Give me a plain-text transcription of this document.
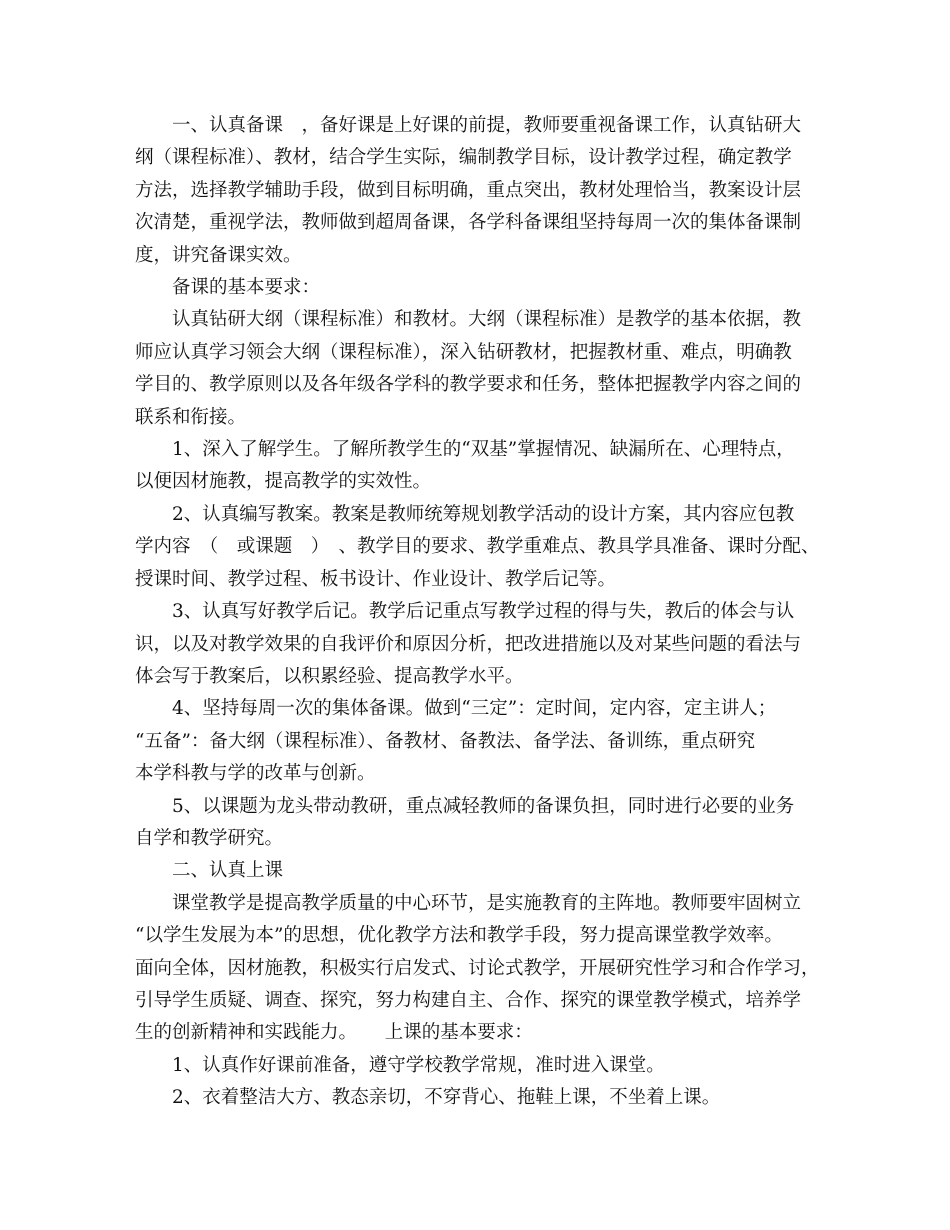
　　一、认真备课　，备好课是上好课的前提，教师要重视备课工作，认真钻研大
纲（课程标准）、教材，结合学生实际，编制教学目标，设计教学过程，确定教学
方法，选择教学辅助手段，做到目标明确，重点突出，教材处理恰当，教案设计层
次清楚，重视学法，教师做到超周备课，各学科备课组坚持每周一次的集体备课制
度，讲究备课实效。
　　备课的基本要求：
　　认真钻研大纲（课程标准）和教材。大纲（课程标准）是教学的基本依据，教
师应认真学习领会大纲（课程标准），深入钻研教材，把握教材重、难点，明确教
学目的、教学原则以及各年级各学科的教学要求和任务，整体把握教学内容之间的
联系和衔接。
　　1、深入了解学生。了解所教学生的“双基”掌握情况、缺漏所在、心理特点，
以便因材施教，提高教学的实效性。
　　2、认真编写教案。教案是教师统筹规划教学活动的设计方案，其内容应包教
学内容　（　或课题　）　、教学目的要求、教学重难点、教具学具准备、课时分配、
授课时间、教学过程、板书设计、作业设计、教学后记等。
　　3、认真写好教学后记。教学后记重点写教学过程的得与失，教后的体会与认
识，以及对教学效果的自我评价和原因分析，把改进措施以及对某些问题的看法与
体会写于教案后，以积累经验、提高教学水平。
　　4、坚持每周一次的集体备课。做到“三定”：定时间，定内容，定主讲人；
“五备”：备大纲（课程标准）、备教材、备教法、备学法、备训练，重点研究
本学科教与学的改革与创新。
　　5、以课题为龙头带动教研，重点减轻教师的备课负担，同时进行必要的业务
自学和教学研究。
　　二、认真上课
　　课堂教学是提高教学质量的中心环节，是实施教育的主阵地。教师要牢固树立
“以学生发展为本”的思想，优化教学方法和教学手段，努力提高课堂教学效率。
面向全体，因材施教，积极实行启发式、讨论式教学，开展研究性学习和合作学习，
引导学生质疑、调查、探究，努力构建自主、合作、探究的课堂教学模式，培养学
生的创新精神和实践能力。　　上课的基本要求：
　　1、认真作好课前准备，遵守学校教学常规，准时进入课堂。
　　2、衣着整洁大方、教态亲切，不穿背心、拖鞋上课，不坐着上课。
